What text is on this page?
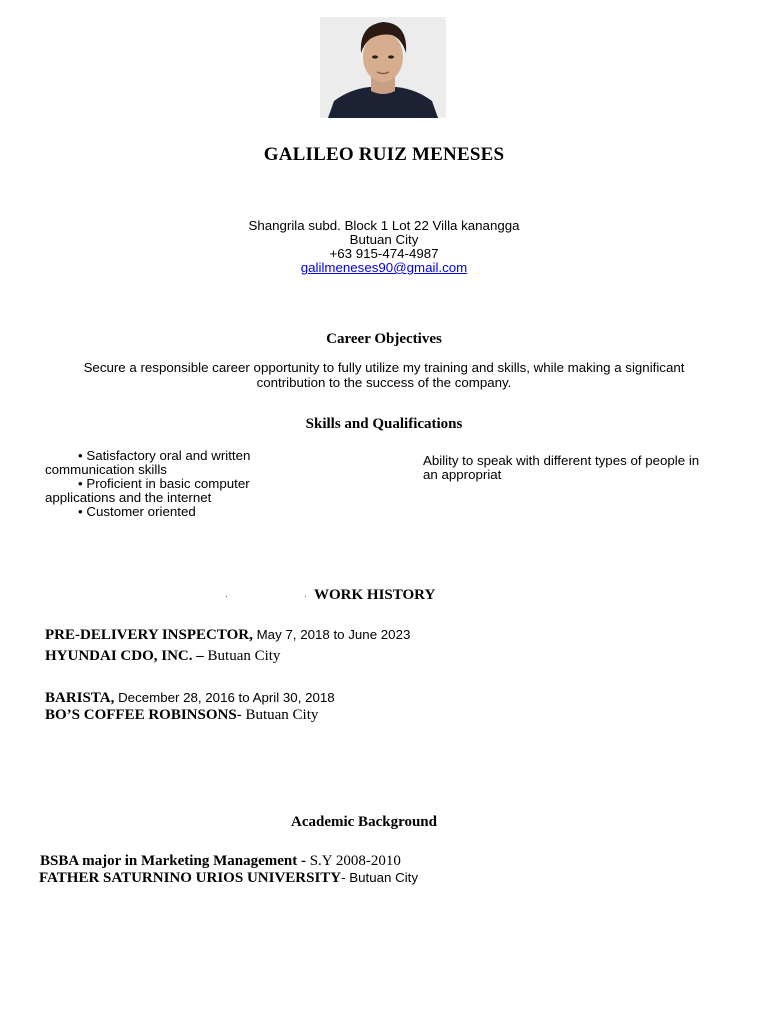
GALILEO RUIZ MENESES
Shangrila subd. Block 1 Lot 22 Villa kanangga
Butuan City
+63 915-474-4987
galilmeneses90@gmail.com
Career Objectives
Secure a responsible career opportunity to fully utilize my training and skills, while making a significant contribution to the success of the company.
Skills and Qualifications
• Satisfactory oral and written communication skills
• Proficient in basic computer applications and the internet
• Customer oriented
Ability to speak with different types of people in an appropriat
WORK HISTORY
PRE-DELIVERY INSPECTOR, May 7, 2018 to June 2023
HYUNDAI CDO, INC. – Butuan City
BARISTA, December 28, 2016 to April 30, 2018
BO’S COFFEE ROBINSONS- Butuan City
Academic Background
BSBA major in Marketing Management - S.Y 2008-2010
FATHER SATURNINO URIOS UNIVERSITY- Butuan City
